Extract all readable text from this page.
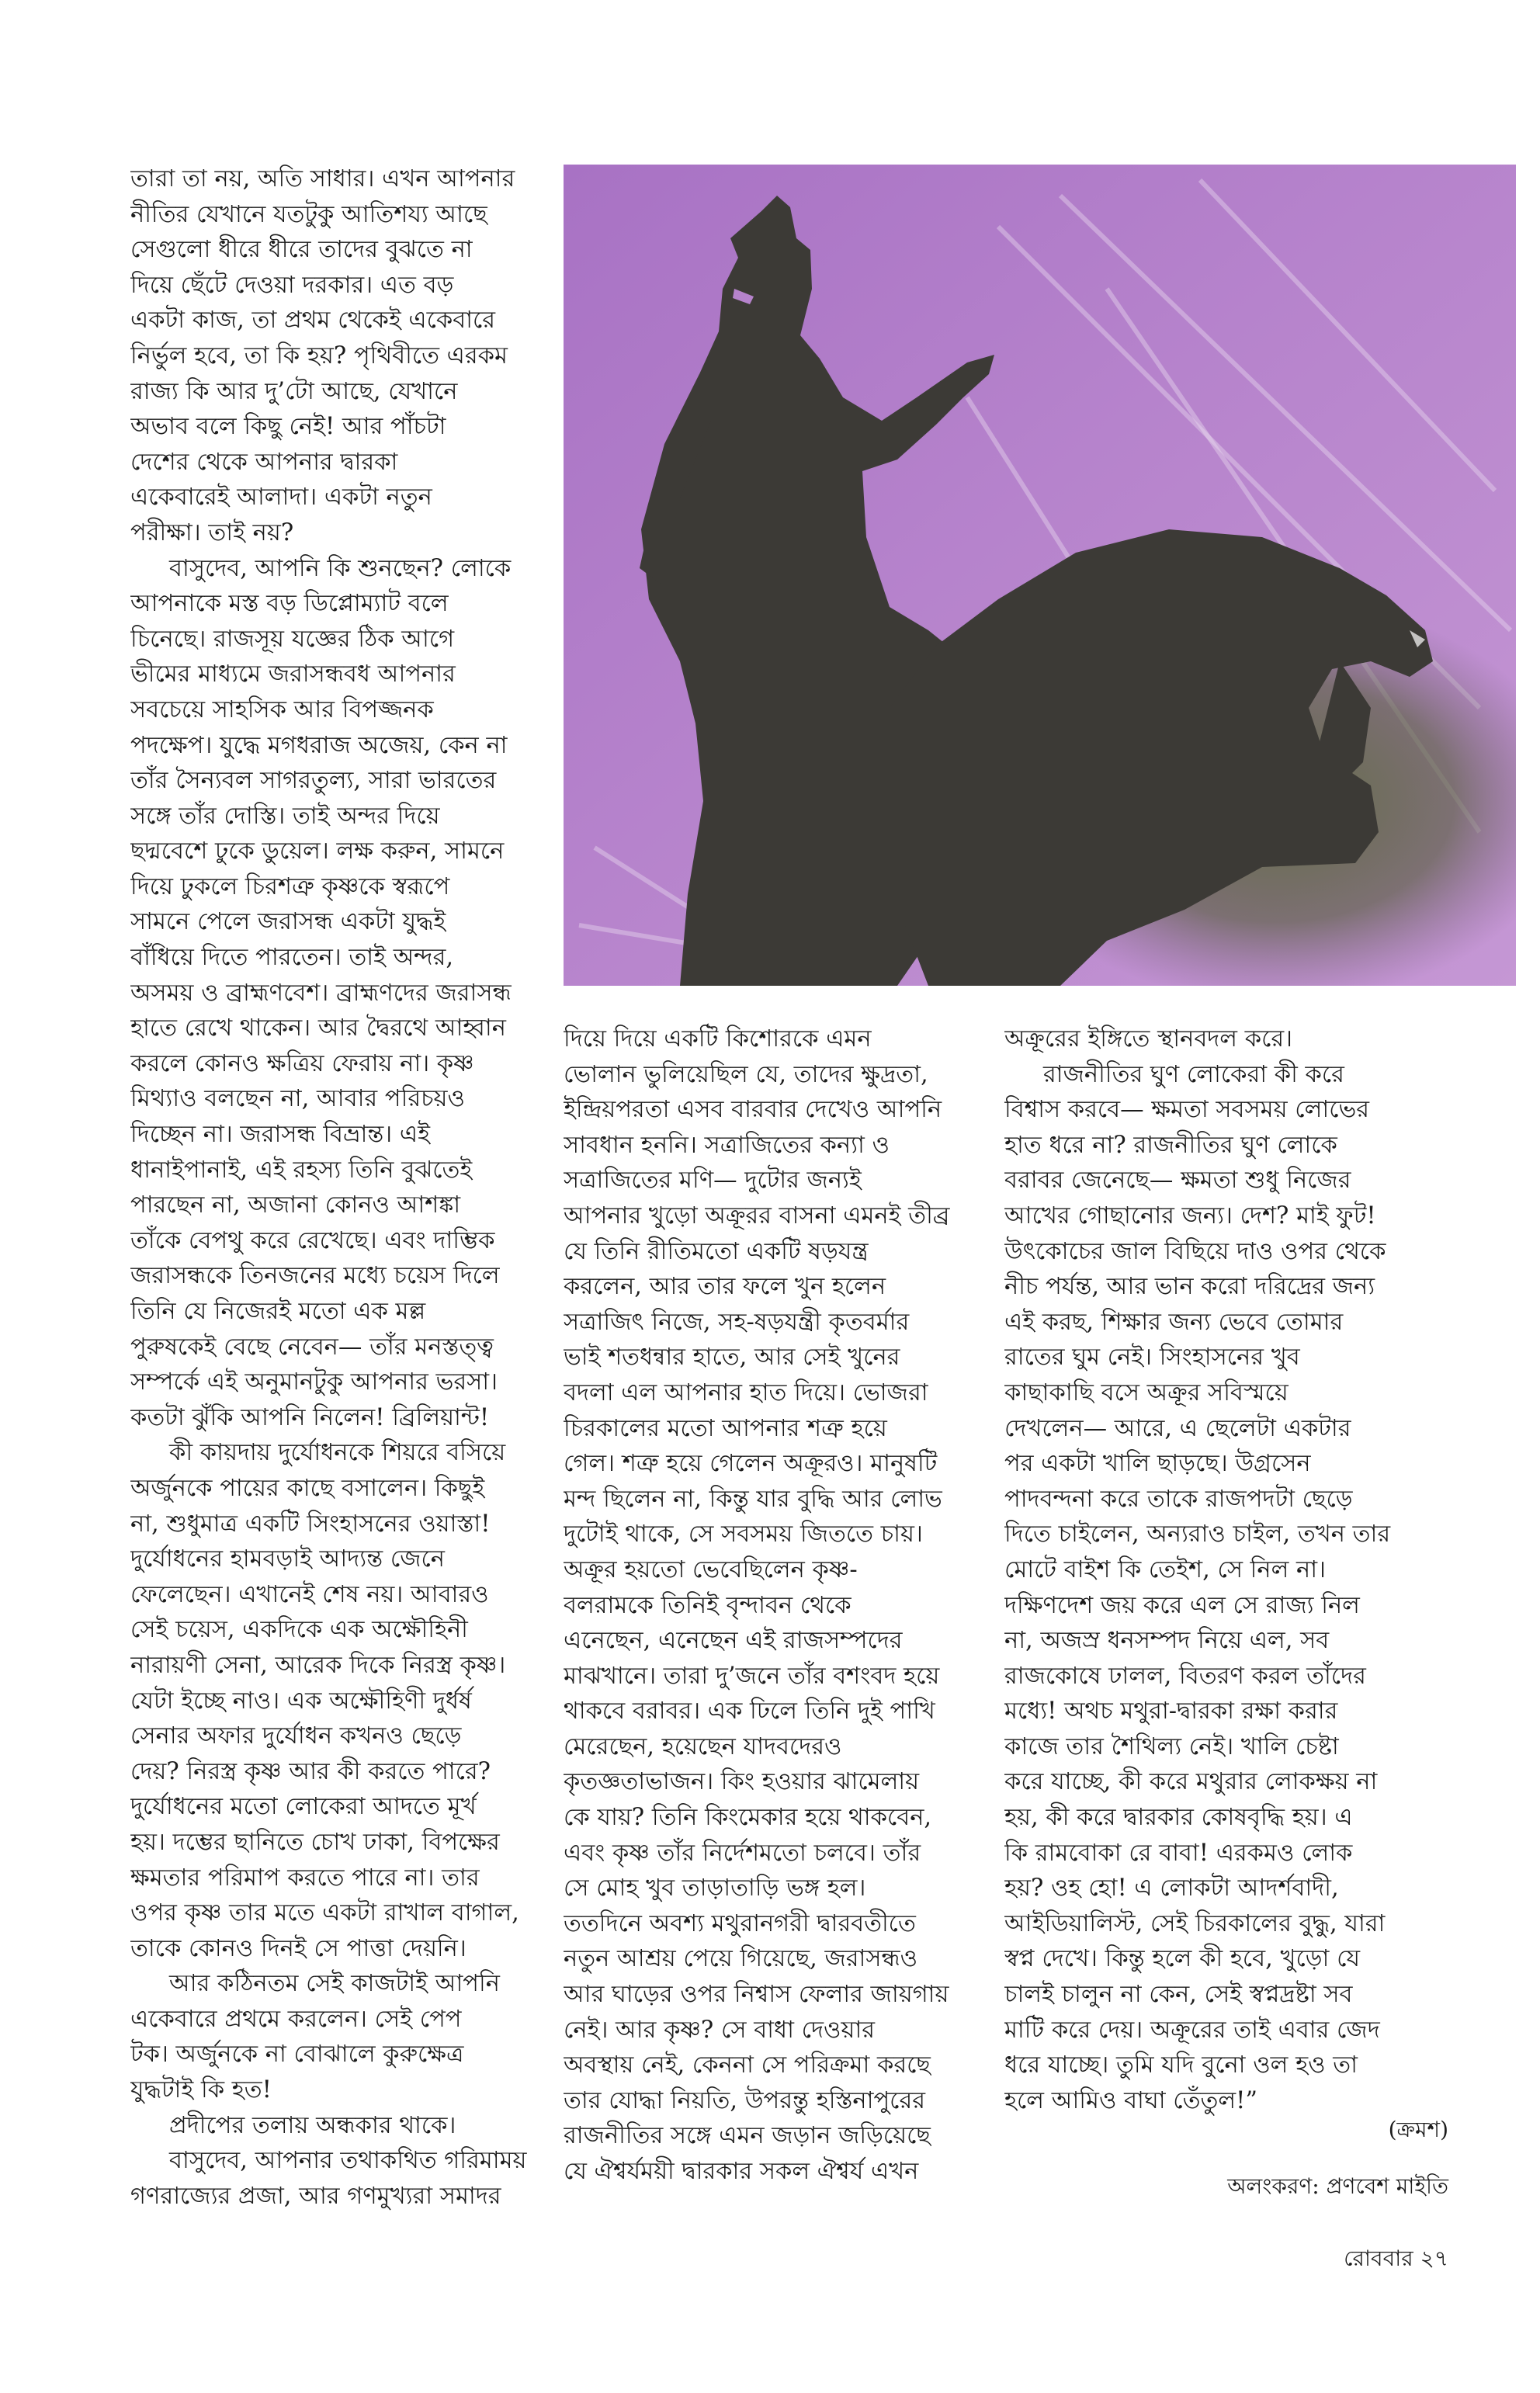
তারা তা নয়, অতি সাধার। এখন আপনার
নীতির যেখানে যতটুকু আতিশয্য আছে
সেগুলো ধীরে ধীরে তাদের বুঝতে না
দিয়ে ছেঁটে দেওয়া দরকার। এত বড়
একটা কাজ, তা প্রথম থেকেই একেবারে
নির্ভুল হবে, তা কি হয়? পৃথিবীতে এরকম
রাজ্য কি আর দু’টো আছে, যেখানে
অভাব বলে কিছু নেই! আর পাঁচটা
দেশের থেকে আপনার দ্বারকা
একেবারেই আলাদা। একটা নতুন
পরীক্ষা। তাই নয়?
বাসুদেব, আপনি কি শুনছেন? লোকে
আপনাকে মস্ত বড় ডিপ্লোম্যাট বলে
চিনেছে। রাজসূয় যজ্ঞের ঠিক আগে
ভীমের মাধ্যমে জরাসন্ধবধ আপনার
সবচেয়ে সাহসিক আর বিপজ্জনক
পদক্ষেপ। যুদ্ধে মগধরাজ অজেয়, কেন না
তাঁর সৈন্যবল সাগরতুল্য, সারা ভারতের
সঙ্গে তাঁর দোস্তি। তাই অন্দর দিয়ে
ছদ্মবেশে ঢুকে ডুয়েল। লক্ষ করুন, সামনে
দিয়ে ঢুকলে চিরশত্রু কৃষ্ণকে স্বরূপে
সামনে পেলে জরাসন্ধ একটা যুদ্ধই
বাঁধিয়ে দিতে পারতেন। তাই অন্দর,
অসময় ও ব্রাহ্মণবেশ। ব্রাহ্মণদের জরাসন্ধ
হাতে রেখে থাকেন। আর দ্বৈরথে আহ্বান
করলে কোনও ক্ষত্রিয় ফেরায় না। কৃষ্ণ
মিথ্যাও বলছেন না, আবার পরিচয়ও
দিচ্ছেন না। জরাসন্ধ বিভ্রান্ত। এই
ধানাইপানাই, এই রহস্য তিনি বুঝতেই
পারছেন না, অজানা কোনও আশঙ্কা
তাঁকে বেপথু করে রেখেছে। এবং দাম্ভিক
জরাসন্ধকে তিনজনের মধ্যে চয়েস দিলে
তিনি যে নিজেরই মতো এক মল্ল
পুরুষকেই বেছে নেবেন— তাঁর মনস্তত্ত্ব
সম্পর্কে এই অনুমানটুকু আপনার ভরসা।
কতটা ঝুঁকি আপনি নিলেন! ব্রিলিয়ান্ট!
কী কায়দায় দুর্যোধনকে শিয়রে বসিয়ে
অর্জুনকে পায়ের কাছে বসালেন। কিছুই
না, শুধুমাত্র একটি সিংহাসনের ওয়াস্তা!
দুর্যোধনের হামবড়াই আদ্যন্ত জেনে
ফেলেছেন। এখানেই শেষ নয়। আবারও
সেই চয়েস, একদিকে এক অক্ষৌহিনী
নারায়ণী সেনা, আরেক দিকে নিরস্ত্র কৃষ্ণ।
যেটা ইচ্ছে নাও। এক অক্ষৌহিণী দুর্ধর্ষ
সেনার অফার দুর্যোধন কখনও ছেড়ে
দেয়? নিরস্ত্র কৃষ্ণ আর কী করতে পারে?
দুর্যোধনের মতো লোকেরা আদতে মূর্খ
হয়। দম্ভের ছানিতে চোখ ঢাকা, বিপক্ষের
ক্ষমতার পরিমাপ করতে পারে না। তার
ওপর কৃষ্ণ তার মতে একটা রাখাল বাগাল,
তাকে কোনও দিনই সে পাত্তা দেয়নি।
আর কঠিনতম সেই কাজটাই আপনি
একেবারে প্রথমে করলেন। সেই পেপ
টক। অর্জুনকে না বোঝালে কুরুক্ষেত্র
যুদ্ধটাই কি হত!
প্রদীপের তলায় অন্ধকার থাকে।
বাসুদেব, আপনার তথাকথিত গরিমাময়
গণরাজ্যের প্রজা, আর গণমুখ্যরা সমাদর
দিয়ে দিয়ে একটি কিশোরকে এমন
ভোলান ভুলিয়েছিল যে, তাদের ক্ষুদ্রতা,
ইন্দ্রিয়পরতা এসব বারবার দেখেও আপনি
সাবধান হননি। সত্রাজিতের কন্যা ও
সত্রাজিতের মণি— দুটোর জন্যই
আপনার খুড়ো অক্রূরর বাসনা এমনই তীব্র
যে তিনি রীতিমতো একটি ষড়যন্ত্র
করলেন, আর তার ফলে খুন হলেন
সত্রাজিৎ নিজে, সহ-ষড়যন্ত্রী কৃতবর্মার
ভাই শতধন্বার হাতে, আর সেই খুনের
বদলা এল আপনার হাত দিয়ে। ভোজরা
চিরকালের মতো আপনার শত্রু হয়ে
গেল। শত্রু হয়ে গেলেন অক্রূরও। মানুষটি
মন্দ ছিলেন না, কিন্তু যার বুদ্ধি আর লোভ
দুটোই থাকে, সে সবসময় জিততে চায়।
অক্রূর হয়তো ভেবেছিলেন কৃষ্ণ-
বলরামকে তিনিই বৃন্দাবন থেকে
এনেছেন, এনেছেন এই রাজসম্পদের
মাঝখানে। তারা দু’জনে তাঁর বশংবদ হয়ে
থাকবে বরাবর। এক ঢিলে তিনি দুই পাখি
মেরেছেন, হয়েছেন যাদবদেরও
কৃতজ্ঞতাভাজন। কিং হওয়ার ঝামেলায়
কে যায়? তিনি কিংমেকার হয়ে থাকবেন,
এবং কৃষ্ণ তাঁর নির্দেশমতো চলবে। তাঁর
সে মোহ খুব তাড়াতাড়ি ভঙ্গ হল।
ততদিনে অবশ্য মথুরানগরী দ্বারবতীতে
নতুন আশ্রয় পেয়ে গিয়েছে, জরাসন্ধও
আর ঘাড়ের ওপর নিশ্বাস ফেলার জায়গায়
নেই। আর কৃষ্ণ? সে বাধা দেওয়ার
অবস্থায় নেই, কেননা সে পরিক্রমা করছে
তার যোদ্ধা নিয়তি, উপরন্তু হস্তিনাপুরের
রাজনীতির সঙ্গে এমন জড়ান জড়িয়েছে
যে ঐশ্বর্যময়ী দ্বারকার সকল ঐশ্বর্য এখন
অক্রূরের ইঙ্গিতে স্থানবদল করে।
রাজনীতির ঘুণ লোকেরা কী করে
বিশ্বাস করবে— ক্ষমতা সবসময় লোভের
হাত ধরে না? রাজনীতির ঘুণ লোকে
বরাবর জেনেছে— ক্ষমতা শুধু নিজের
আখের গোছানোর জন্য। দেশ? মাই ফুট!
উৎকোচের জাল বিছিয়ে দাও ওপর থেকে
নীচ পর্যন্ত, আর ভান করো দরিদ্রের জন্য
এই করছ, শিক্ষার জন্য ভেবে তোমার
রাতের ঘুম নেই। সিংহাসনের খুব
কাছাকাছি বসে অক্রূর সবিস্ময়ে
দেখলেন— আরে, এ ছেলেটা একটার
পর একটা খালি ছাড়ছে। উগ্রসেন
পাদবন্দনা করে তাকে রাজপদটা ছেড়ে
দিতে চাইলেন, অন্যরাও চাইল, তখন তার
মোটে বাইশ কি তেইশ, সে নিল না।
দক্ষিণদেশ জয় করে এল সে রাজ্য নিল
না, অজস্র ধনসম্পদ নিয়ে এল, সব
রাজকোষে ঢালল, বিতরণ করল তাঁদের
মধ্যে! অথচ মথুরা-দ্বারকা রক্ষা করার
কাজে তার শৈথিল্য নেই। খালি চেষ্টা
করে যাচ্ছে, কী করে মথুরার লোকক্ষয় না
হয়, কী করে দ্বারকার কোষবৃদ্ধি হয়। এ
কি রামবোকা রে বাবা! এরকমও লোক
হয়? ওহ হো! এ লোকটা আদর্শবাদী,
আইডিয়ালিস্ট, সেই চিরকালের বুদ্ধু, যারা
স্বপ্ন দেখে। কিন্তু হলে কী হবে, খুড়ো যে
চালই চালুন না কেন, সেই স্বপ্নদ্রষ্টা সব
মাটি করে দেয়। অক্রূরের তাই এবার জেদ
ধরে যাচ্ছে। তুমি যদি বুনো ওল হও তা
হলে আমিও বাঘা তেঁতুল!”
(ক্রমশ)
অলংকরণ: প্রণবেশ মাইতি
রোববার ২৭
